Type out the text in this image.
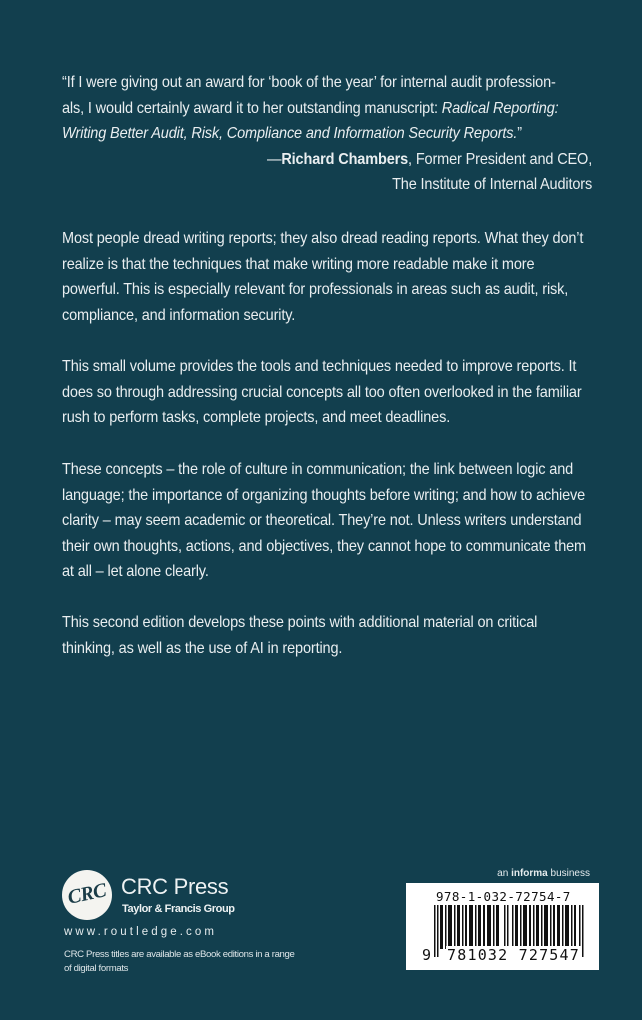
“If I were giving out an award for ‘book of the year’ for internal audit profession-
als, I would certainly award it to her outstanding manuscript: Radical Reporting:
Writing Better Audit, Risk, Compliance and Information Security Reports.”

—Richard Chambers, Former President and CEO,

The Institute of Internal Auditors

Most people dread writing reports; they also dread reading reports. What they don’t realize is that the techniques that make writing more readable make it more powerful. This is especially relevant for professionals in areas such as audit, risk, compliance, and information security.

This small volume provides the tools and techniques needed to improve reports. It does so through addressing crucial concepts all too often overlooked in the familiar rush to perform tasks, complete projects, and meet deadlines.

These concepts – the role of culture in communication; the link between logic and language; the importance of organizing thoughts before writing; and how to achieve clarity – may seem academic or theoretical. They’re not. Unless writers understand their own thoughts, actions, and objectives, they cannot hope to communicate them at all – let alone clearly.

This second edition develops these points with additional material on critical thinking, as well as the use of AI in reporting.

CRC CRC Press
Taylor & Francis Group
www.routledge.com
CRC Press titles are available as eBook editions in a range of digital formats
an informa business
978-1-032-72754-7
9 781032 727547
